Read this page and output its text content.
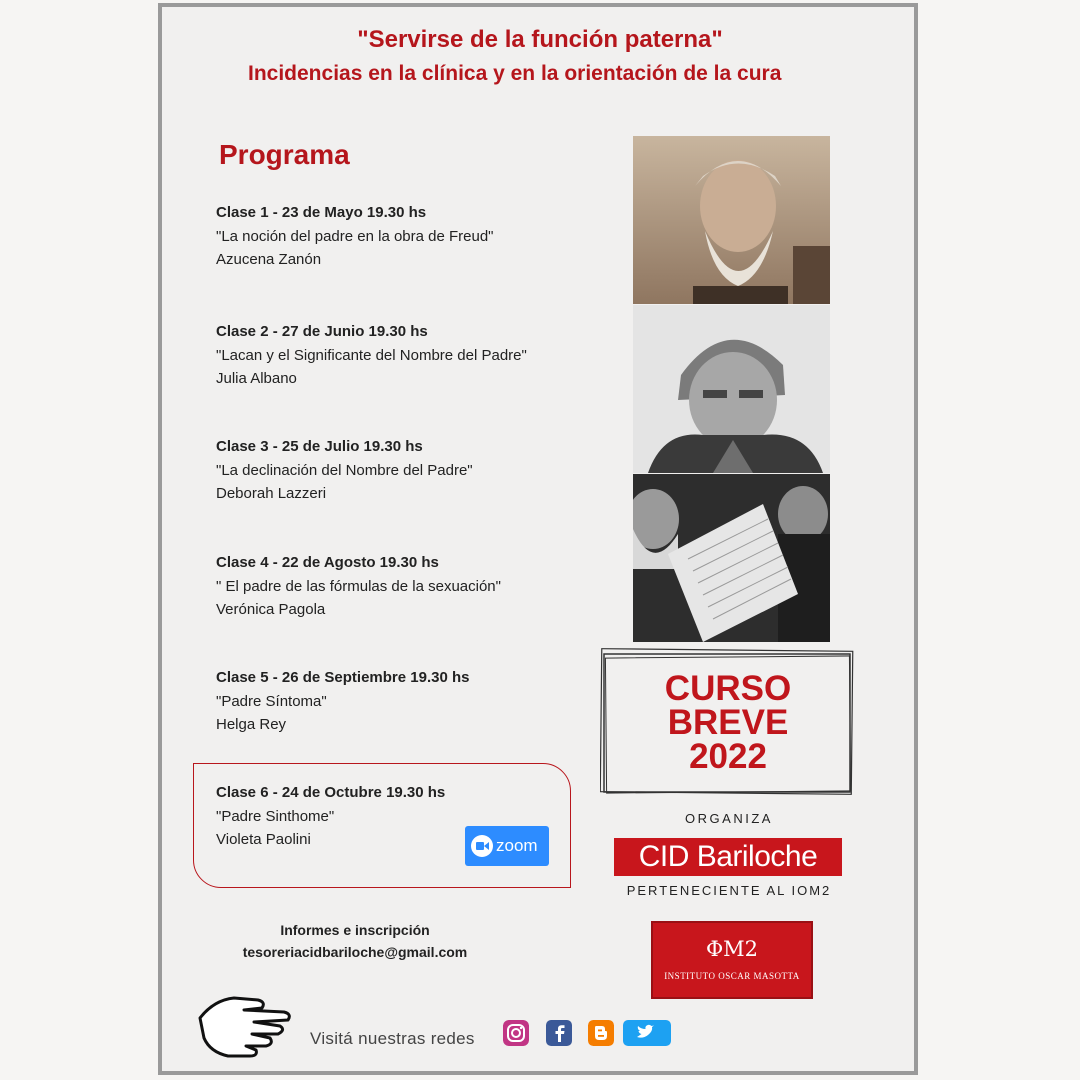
"Servirse de la función paterna"
Incidencias en la clínica y en la orientación de la cura
Programa
Clase 1 - 23 de Mayo 19.30 hs
"La noción del padre en la obra de Freud"
Azucena Zanón
Clase 2 - 27 de Junio 19.30 hs
"Lacan y el Significante del Nombre del Padre"
Julia Albano
Clase 3 - 25 de Julio 19.30 hs
"La declinación del Nombre del Padre"
Deborah Lazzeri
Clase 4 - 22 de Agosto 19.30 hs
" El padre de las fórmulas de la sexuación"
Verónica Pagola
Clase 5 - 26 de Septiembre 19.30 hs
"Padre Síntoma"
Helga Rey
Clase 6 - 24 de Octubre 19.30 hs
"Padre Sinthome"
Violeta Paolini	zoom
CURSO
BREVE
2022
ORGANIZA
CID Bariloche
PERTENECIENTE AL IOM2
ΦM2
INSTITUTO OSCAR MASOTTA
Informes e inscripción
tesoreriacidbariloche@gmail.com
Visitá nuestras redes
